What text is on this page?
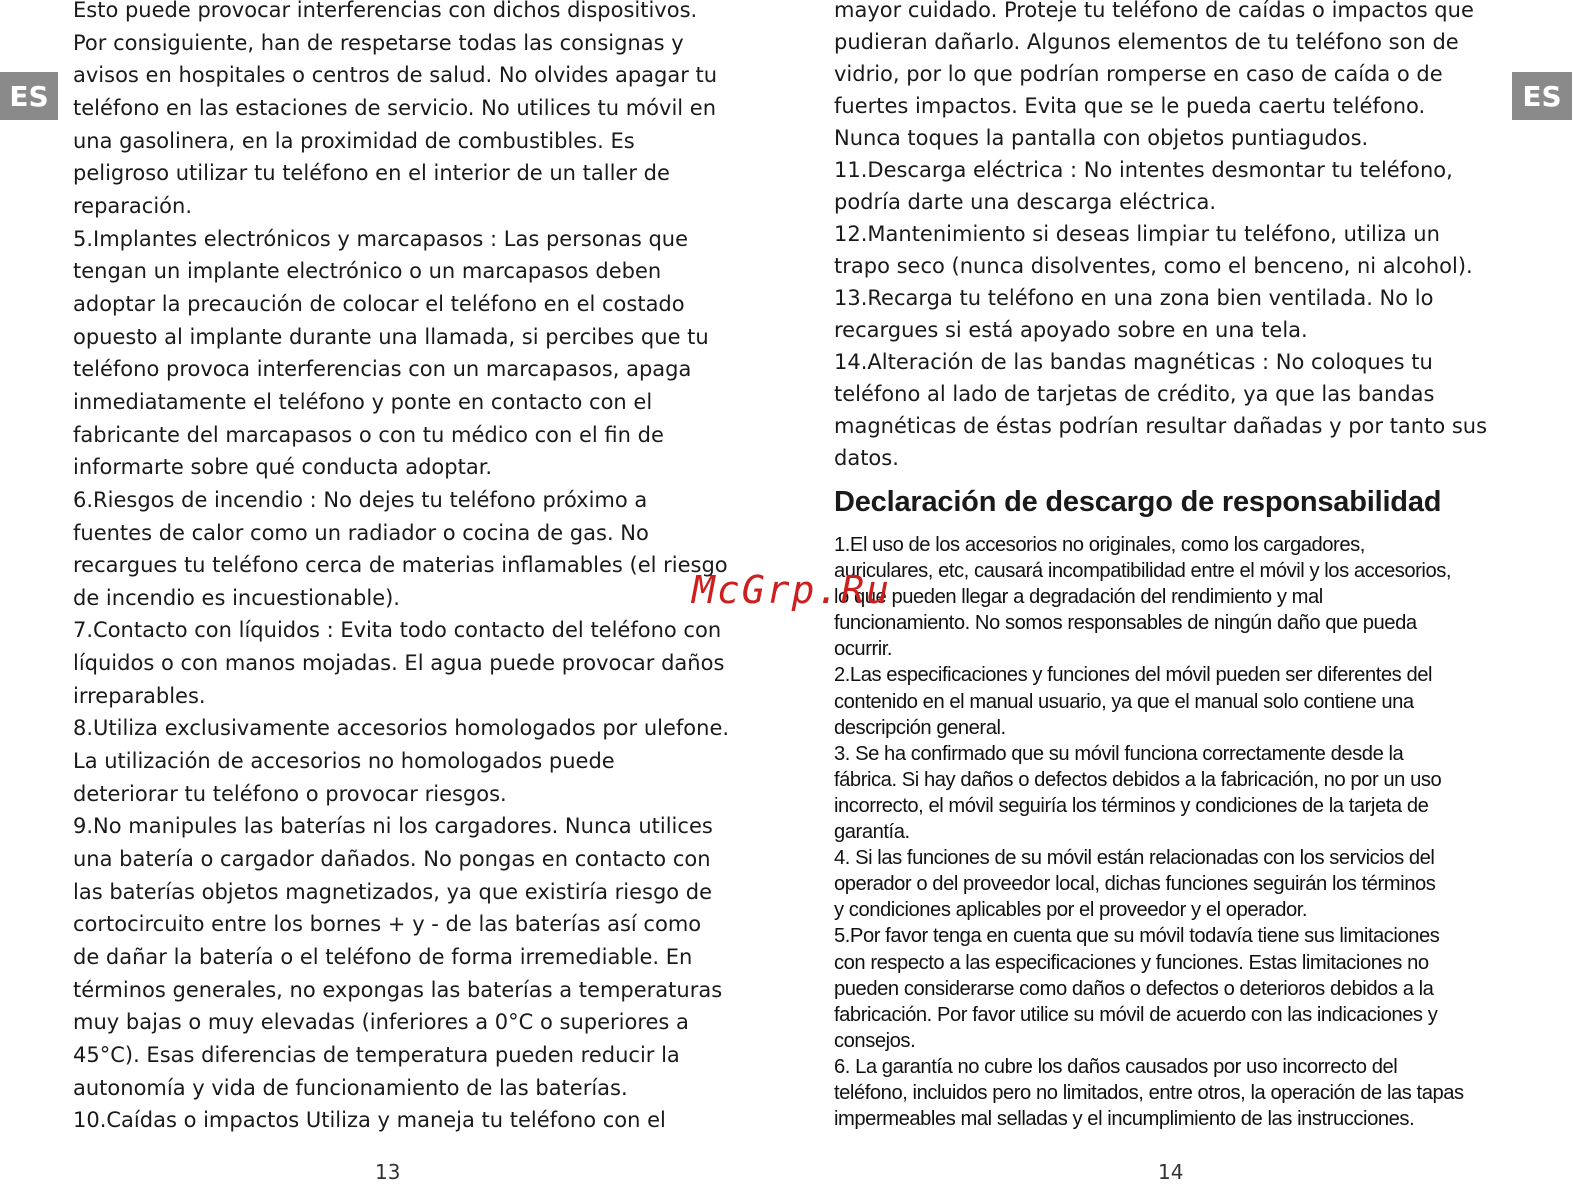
ES	ES

Esto puede provocar interferencias con dichos dispositivos.

Por consiguiente, han de respetarse todas las consignas y

avisos en hospitales o centros de salud. No olvides apagar tu

teléfono en las estaciones de servicio. No utilices tu móvil en

una gasolinera, en la proximidad de combustibles. Es

peligroso utilizar tu teléfono en el interior de un taller de

reparación.

5.Implantes electrónicos y marcapasos : Las personas que

tengan un implante electrónico o un marcapasos deben

adoptar la precaución de colocar el teléfono en el costado

opuesto al implante durante una llamada, si percibes que tu

teléfono provoca interferencias con un marcapasos, apaga

inmediatamente el teléfono y ponte en contacto con el

fabricante del marcapasos o con tu médico con el fin de

informarte sobre qué conducta adoptar.

6.Riesgos de incendio : No dejes tu teléfono próximo a

fuentes de calor como un radiador o cocina de gas. No

recargues tu teléfono cerca de materias inflamables (el riesgo

de incendio es incuestionable).

7.Contacto con líquidos : Evita todo contacto del teléfono con

líquidos o con manos mojadas. El agua puede provocar daños

irreparables.

8.Utiliza exclusivamente accesorios homologados por ulefone.

La utilización de accesorios no homologados puede

deteriorar tu teléfono o provocar riesgos.

9.No manipules las baterías ni los cargadores. Nunca utilices

una batería o cargador dañados. No pongas en contacto con

las baterías objetos magnetizados, ya que existiría riesgo de

cortocircuito entre los bornes + y - de las baterías así como

de dañar la batería o el teléfono de forma irremediable. En

términos generales, no expongas las baterías a temperaturas

muy bajas o muy elevadas (inferiores a 0°C o superiores a

45°C). Esas diferencias de temperatura pueden reducir la

autonomía y vida de funcionamiento de las baterías.

10.Caídas o impactos Utiliza y maneja tu teléfono con el

mayor cuidado. Proteje tu teléfono de caídas o impactos que

pudieran dañarlo. Algunos elementos de tu teléfono son de

vidrio, por lo que podrían romperse en caso de caída o de

fuertes impactos. Evita que se le pueda caertu teléfono.

Nunca toques la pantalla con objetos puntiagudos.

11.Descarga eléctrica : No intentes desmontar tu teléfono,

podría darte una descarga eléctrica.

12.Mantenimiento si deseas limpiar tu teléfono, utiliza un

trapo seco (nunca disolventes, como el benceno, ni alcohol).

13.Recarga tu teléfono en una zona bien ventilada. No lo

recargues si está apoyado sobre en una tela.

14.Alteración de las bandas magnéticas : No coloques tu

teléfono al lado de tarjetas de crédito, ya que las bandas

magnéticas de éstas podrían resultar dañadas y por tanto sus

datos.

Declaración de descargo de responsabilidad

1.El uso de los accesorios no originales, como los cargadores,

auriculares, etc, causará incompatibilidad entre el móvil y los accesorios,

lo que pueden llegar a degradación del rendimiento y mal

funcionamiento. No somos responsables de ningún daño que pueda

ocurrir.

2.Las especificaciones y funciones del móvil pueden ser diferentes del

contenido en el manual usuario, ya que el manual solo contiene una

descripción general.

3. Se ha confirmado que su móvil funciona correctamente desde la

fábrica. Si hay daños o defectos debidos a la fabricación, no por un uso

incorrecto, el móvil seguiría los términos y condiciones de la tarjeta de

garantía.

4. Si las funciones de su móvil están relacionadas con los servicios del

operador o del proveedor local, dichas funciones seguirán los términos

y condiciones aplicables por el proveedor y el operador.

5.Por favor tenga en cuenta que su móvil todavía tiene sus limitaciones

con respecto a las especificaciones y funciones. Estas limitaciones no

pueden considerarse como daños o defectos o deterioros debidos a la

fabricación. Por favor utilice su móvil de acuerdo con las indicaciones y

consejos.

6. La garantía no cubre los daños causados por uso incorrecto del

teléfono, incluidos pero no limitados, entre otros, la operación de las tapas

impermeables mal selladas y el incumplimiento de las instrucciones.

13	14
McGrp.Ru
